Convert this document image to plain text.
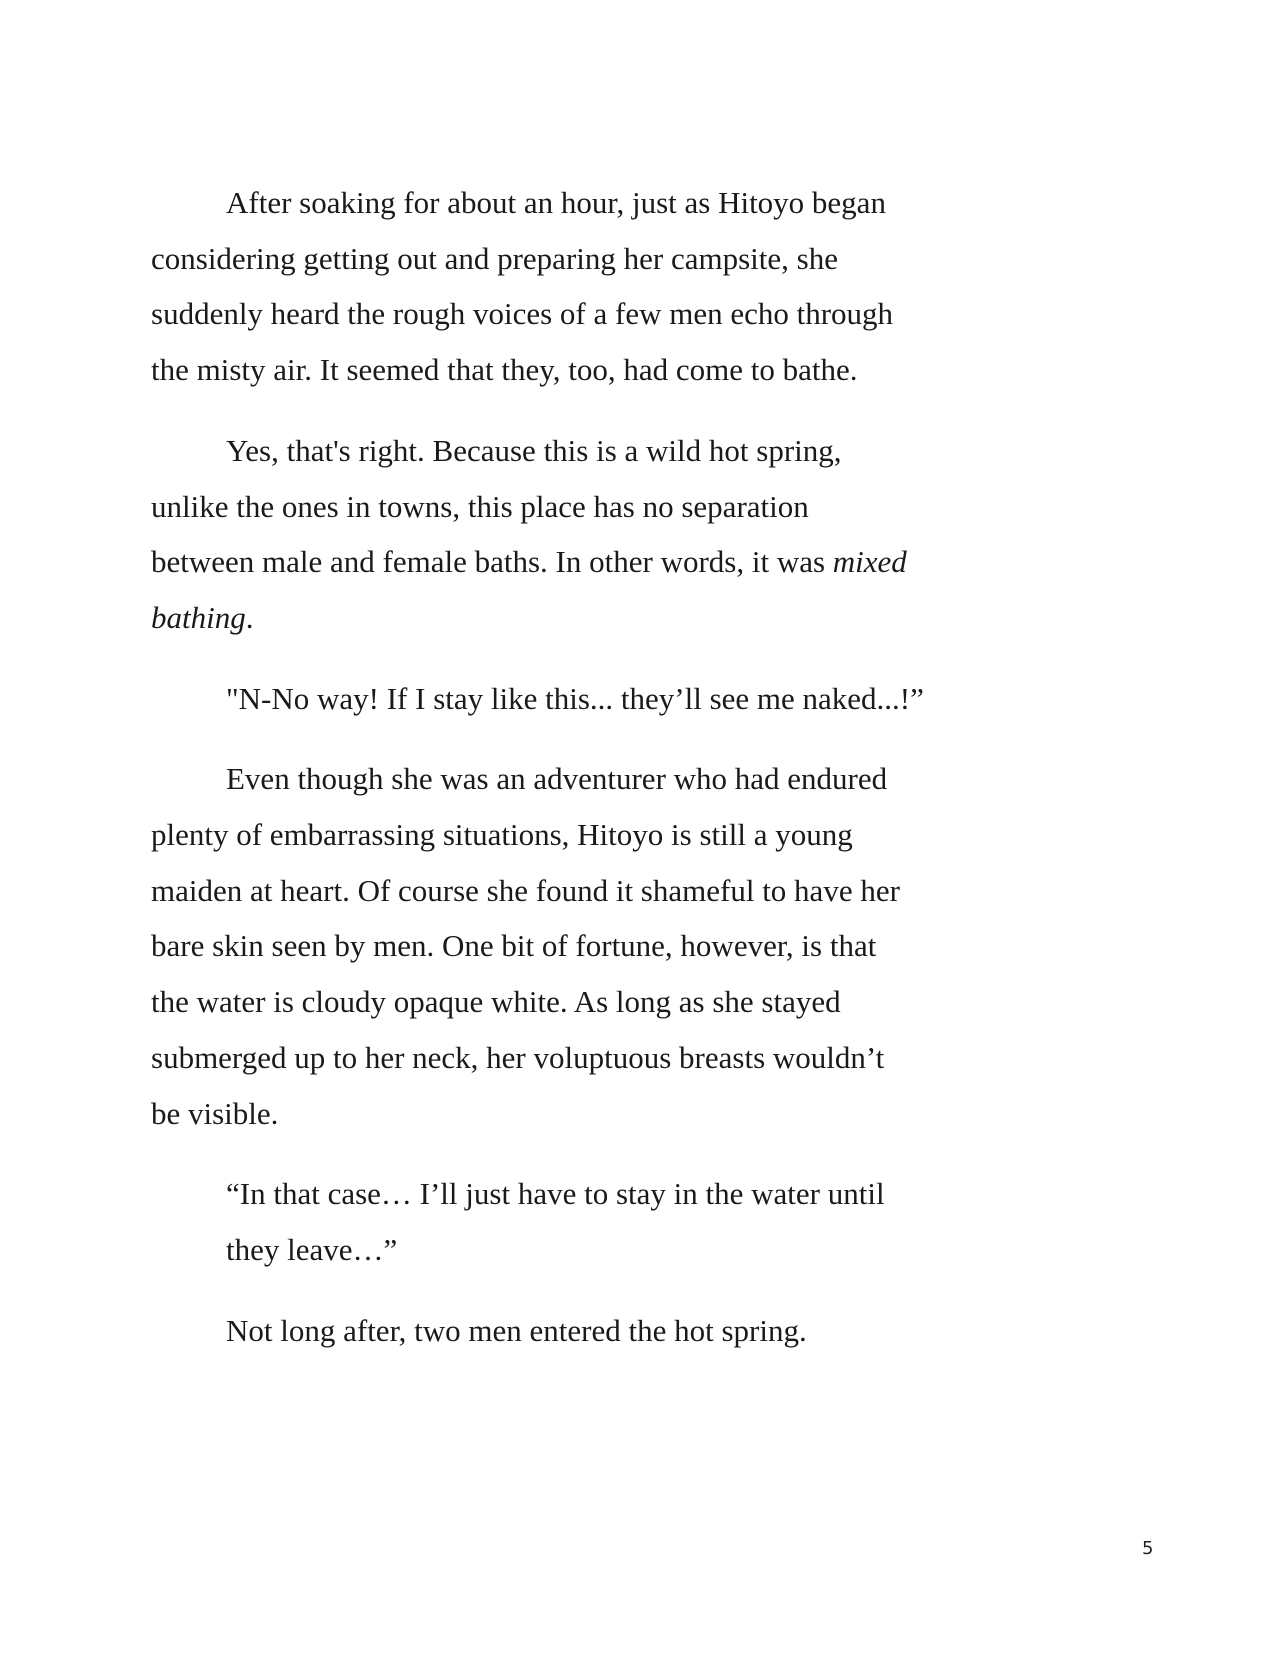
After soaking for about an hour, just as Hitoyo began
considering getting out and preparing her campsite, she
suddenly heard the rough voices of a few men echo through
the misty air. It seemed that they, too, had come to bathe.

Yes, that's right. Because this is a wild hot spring,
unlike the ones in towns, this place has no separation
between male and female baths. In other words, it was mixed
bathing.

"N-No way! If I stay like this... they’ll see me naked...!”

Even though she was an adventurer who had endured
plenty of embarrassing situations, Hitoyo is still a young
maiden at heart. Of course she found it shameful to have her
bare skin seen by men. One bit of fortune, however, is that
the water is cloudy opaque white. As long as she stayed
submerged up to her neck, her voluptuous breasts wouldn’t
be visible.

“In that case… I’ll just have to stay in the water until
they leave…”

Not long after, two men entered the hot spring.

5
